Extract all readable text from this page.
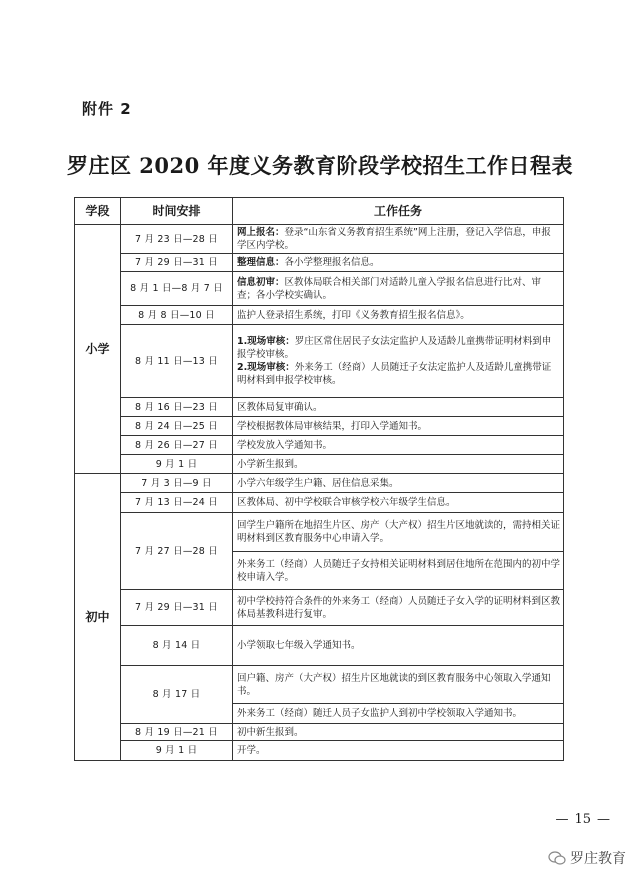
附件 2
罗庄区 2020 年度义务教育阶段学校招生工作日程表
学段	时间安排	工作任务
小学	7 月 23 日—28 日	网上报名：登录“山东省义务教育招生系统”网上注册，登记入学信息，申报学区内学校。
	7 月 29 日—31 日	整理信息：各小学整理报名信息。
	8 月 1 日—8 月 7 日	信息初审：区教体局联合相关部门对适龄儿童入学报名信息进行比对、审查；各小学校实确认。
	8 月 8 日—10 日	监护人登录招生系统，打印《义务教育招生报名信息》。
	8 月 11 日—13 日	1.现场审核：罗庄区常住居民子女法定监护人及适龄儿童携带证明材料到申报学校审核。
2.现场审核：外来务工（经商）人员随迁子女法定监护人及适龄儿童携带证明材料到申报学校审核。

	8 月 16 日—23 日	区教体局复审确认。
	8 月 24 日—25 日	学校根据教体局审核结果，打印入学通知书。
	8 月 26 日—27 日	学校发放入学通知书。
	9 月 1 日	小学新生报到。
初中	7 月 3 日—9 日	小学六年级学生户籍、居住信息采集。
	7 月 13 日—24 日	区教体局、初中学校联合审核学校六年级学生信息。
	7 月 27 日—28 日	回学生户籍所在地招生片区、房产（大产权）招生片区地就读的，需持相关证明材料到区教育服务中心申请入学。
		外来务工（经商）人员随迁子女持相关证明材料到居住地所在范围内的初中学校申请入学。
	7 月 29 日—31 日	初中学校持符合条件的外来务工（经商）人员随迁子女入学的证明材料到区教体局基教科进行复审。
	8 月 14 日	小学领取七年级入学通知书。
	8 月 17 日	回户籍、房产（大产权）招生片区地就读的到区教育服务中心领取入学通知书。
		外来务工（经商）随迁人员子女监护人到初中学校领取入学通知书。
	8 月 19 日—21 日	初中新生报到。
	9 月 1 日	开学。
— 15 —
罗庄教育
